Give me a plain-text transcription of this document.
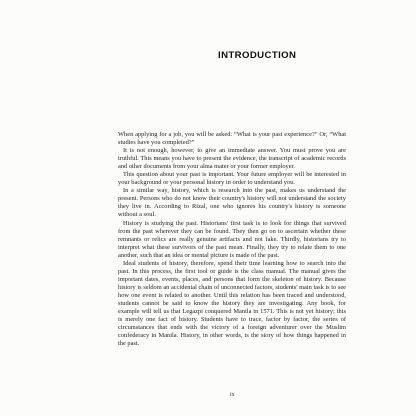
INTRODUCTION

When applying for a job, you will be asked: “What is your past experience?” Or, “What studies have you completed?”

It is not enough, however, to give an immediate answer. You must prove you are truthful. This means you have to present the evidence, the transcript of academic records and other documents from your alma mater or your former employer.

This question about your past is important. Your future employer will be interested in your background or your personal history in order to understand you.

In a similar way, history, which is research into the past, makes us understand the present. Persons who do not know their country's history will not understand the society they live in. According to Rizal, one who ignores his country's history is someone without a soul.

History is studying the past. Historians' first task is to look for things that survived from the past wherever they can be found. They then go on to ascertain whether these remnants or relics are really genuine artifacts and not fake. Thirdly, historians try to interpret what these survivors of the past mean. Finally, they try to relate them to one another, such that an idea or mental picture is made of the past.

Ideal students of history, therefore, spend their time learning how to search into the past. In this process, the first tool or guide is the class manual. The manual gives the important dates, events, places, and persons that form the skeleton of history. Because history is seldom an accidental chain of unconnected factors, students' main task is to see how one event is related to another. Until this relation has been traced and understood, students cannot be said to know the history they are investigating. Any book, for example will tell us that Legazpi conquered Manila in 1571. This is not yet history; this is merely one fact of history. Students have to trace, factor by factor, the series of circumstances that ends with the victory of a foreign adventurer over the Muslim confederacy in Manila. History, in other words, is the story of how things happened in the past.

ix
